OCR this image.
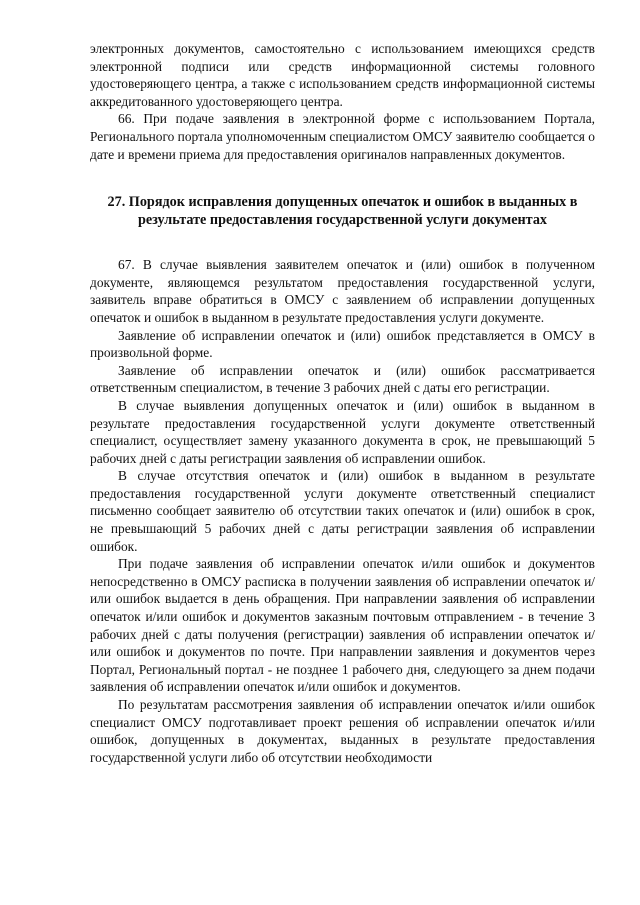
электронных документов, самостоятельно с использованием имеющихся средств электронной подписи или средств информационной системы головного удостоверяющего центра, а также с использованием средств информационной системы аккредитованного удостоверяющего центра.

66. При подаче заявления в электронной форме с использованием Портала, Регионального портала уполномоченным специалистом ОМСУ заявителю сообщается о дате и времени приема для предоставления оригиналов направленных документов.

27. Порядок исправления допущенных опечаток и ошибок в выданных в результате предоставления государственной услуги документах

67. В случае выявления заявителем опечаток и (или) ошибок в полученном документе, являющемся результатом предоставления государственной услуги, заявитель вправе обратиться в ОМСУ с заявлением об исправлении допущенных опечаток и ошибок в выданном в результате предоставления услуги документе.

Заявление об исправлении опечаток и (или) ошибок представляется в ОМСУ в произвольной форме.

Заявление об исправлении опечаток и (или) ошибок рассматривается ответственным специалистом, в течение 3 рабочих дней с даты его регистрации.

В случае выявления допущенных опечаток и (или) ошибок в выданном в результате предоставления государственной услуги документе ответственный специалист, осуществляет замену указанного документа в срок, не превышающий 5 рабочих дней с даты регистрации заявления об исправлении ошибок.

В случае отсутствия опечаток и (или) ошибок в выданном в результате предоставления государственной услуги документе ответственный специалист письменно сообщает заявителю об отсутствии таких опечаток и (или) ошибок в срок, не превышающий 5 рабочих дней с даты регистрации заявления об исправлении ошибок.

При подаче заявления об исправлении опечаток и/или ошибок и документов непосредственно в ОМСУ расписка в получении заявления об исправлении опечаток и/или ошибок выдается в день обращения. При направлении заявления об исправлении опечаток и/или ошибок и документов заказным почтовым отправлением - в течение 3 рабочих дней с даты получения (регистрации) заявления об исправлении опечаток и/или ошибок и документов по почте. При направлении заявления и документов через Портал, Региональный портал - не позднее 1 рабочего дня, следующего за днем подачи заявления об исправлении опечаток и/или ошибок и документов.

По результатам рассмотрения заявления об исправлении опечаток и/или ошибок специалист ОМСУ подготавливает проект решения об исправлении опечаток и/или ошибок, допущенных в документах, выданных в результате предоставления государственной услуги либо об отсутствии необходимости
